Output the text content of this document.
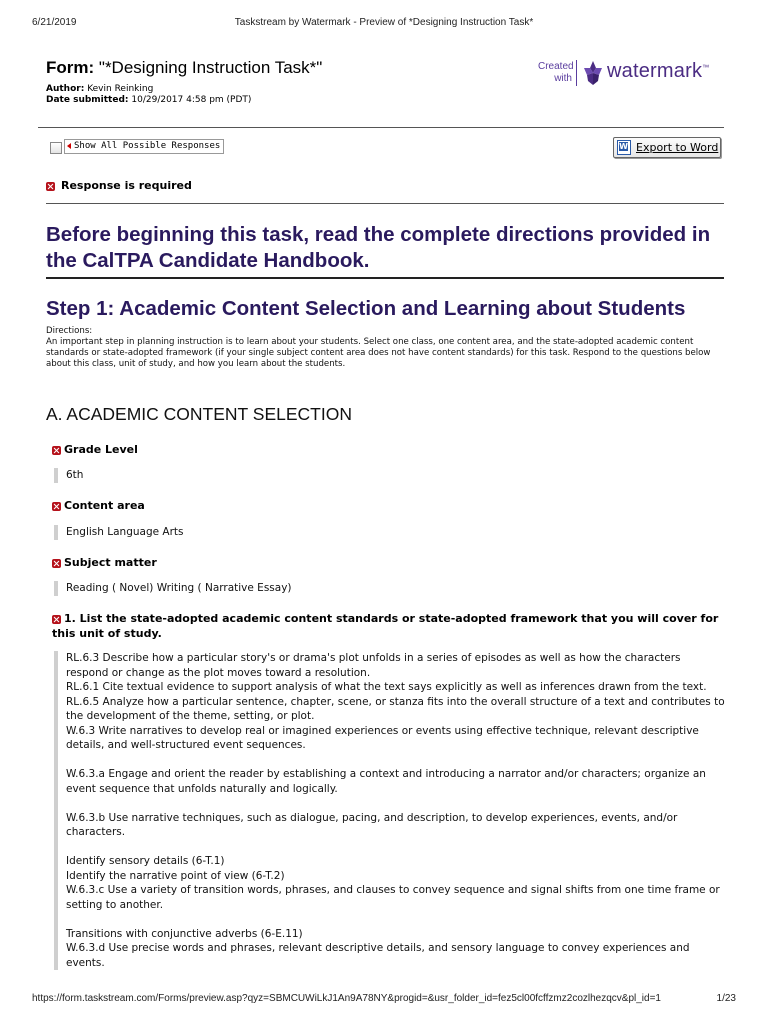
6/21/2019	Taskstream by Watermark - Preview of *Designing Instruction Task*
Form: "*Designing Instruction Task*"
Author: Kevin Reinking
Date submitted: 10/29/2017 4:58 pm (PDT)
Created
with watermark™
Show All Possible Responses
W	Export to Word
Response is required
Before beginning this task, read the complete directions provided in the CalTPA Candidate Handbook.
Step 1: Academic Content Selection and Learning about Students

Directions:

An important step in planning instruction is to learn about your students. Select one class, one content area, and the state-adopted academic content standards or state-adopted framework (if your single subject content area does not have content standards) for this task. Respond to the questions below about this class, unit of study, and how you learn about the students.

A. ACADEMIC CONTENT SELECTION
Grade Level
6th
Content area
English Language Arts
Subject matter
Reading ( Novel) Writing ( Narrative Essay)
1. List the state-adopted academic content standards or state-adopted framework that you will cover for this unit of study.

RL.6.3 Describe how a particular story's or drama's plot unfolds in a series of episodes as well as how the characters respond or change as the plot moves toward a resolution.

RL.6.1 Cite textual evidence to support analysis of what the text says explicitly as well as inferences drawn from the text.

RL.6.5 Analyze how a particular sentence, chapter, scene, or stanza fits into the overall structure of a text and contributes to the development of the theme, setting, or plot.

W.6.3 Write narratives to develop real or imagined experiences or events using effective technique, relevant descriptive details, and well-structured event sequences.

W.6.3.a Engage and orient the reader by establishing a context and introducing a narrator and/or characters; organize an event sequence that unfolds naturally and logically.

W.6.3.b Use narrative techniques, such as dialogue, pacing, and description, to develop experiences, events, and/or characters.

Identify sensory details (6-T.1)

Identify the narrative point of view (6-T.2)

W.6.3.c Use a variety of transition words, phrases, and clauses to convey sequence and signal shifts from one time frame or setting to another.

Transitions with conjunctive adverbs (6-E.11)

W.6.3.d Use precise words and phrases, relevant descriptive details, and sensory language to convey experiences and events.

https://form.taskstream.com/Forms/preview.asp?qyz=SBMCUWiLkJ1An9A78NY&progid=&usr_folder_id=fez5cl00fcffzmz2cozlhezqcv&pl_id=1	1/23
